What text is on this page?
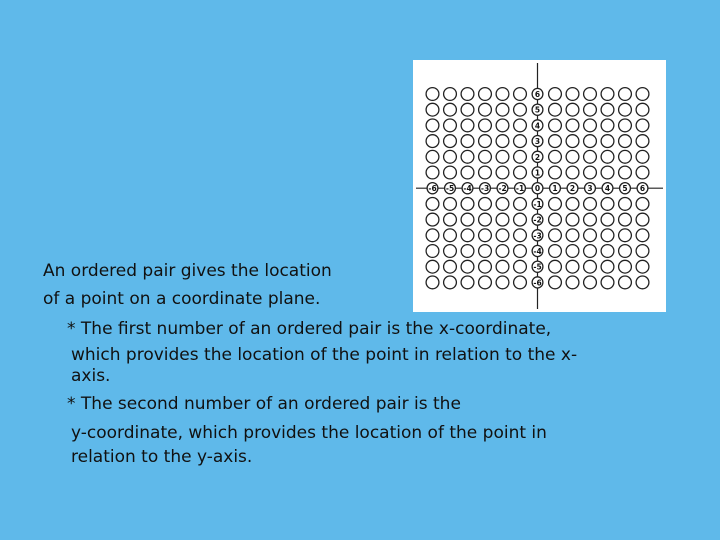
6
5
4
3
2
1
-6 -5 -4 -3 -2 -1 0 1 2 3 4 5 6
-1
-2
-3
-4
-5
-6
An ordered pair gives the location
of a point on a coordinate plane.
* The first number of an ordered pair is the x-coordinate,
which provides the location of the point in relation to the x-
axis.
* The second number of an ordered pair is the
y-coordinate, which provides the location of the point in
relation to the y-axis.
